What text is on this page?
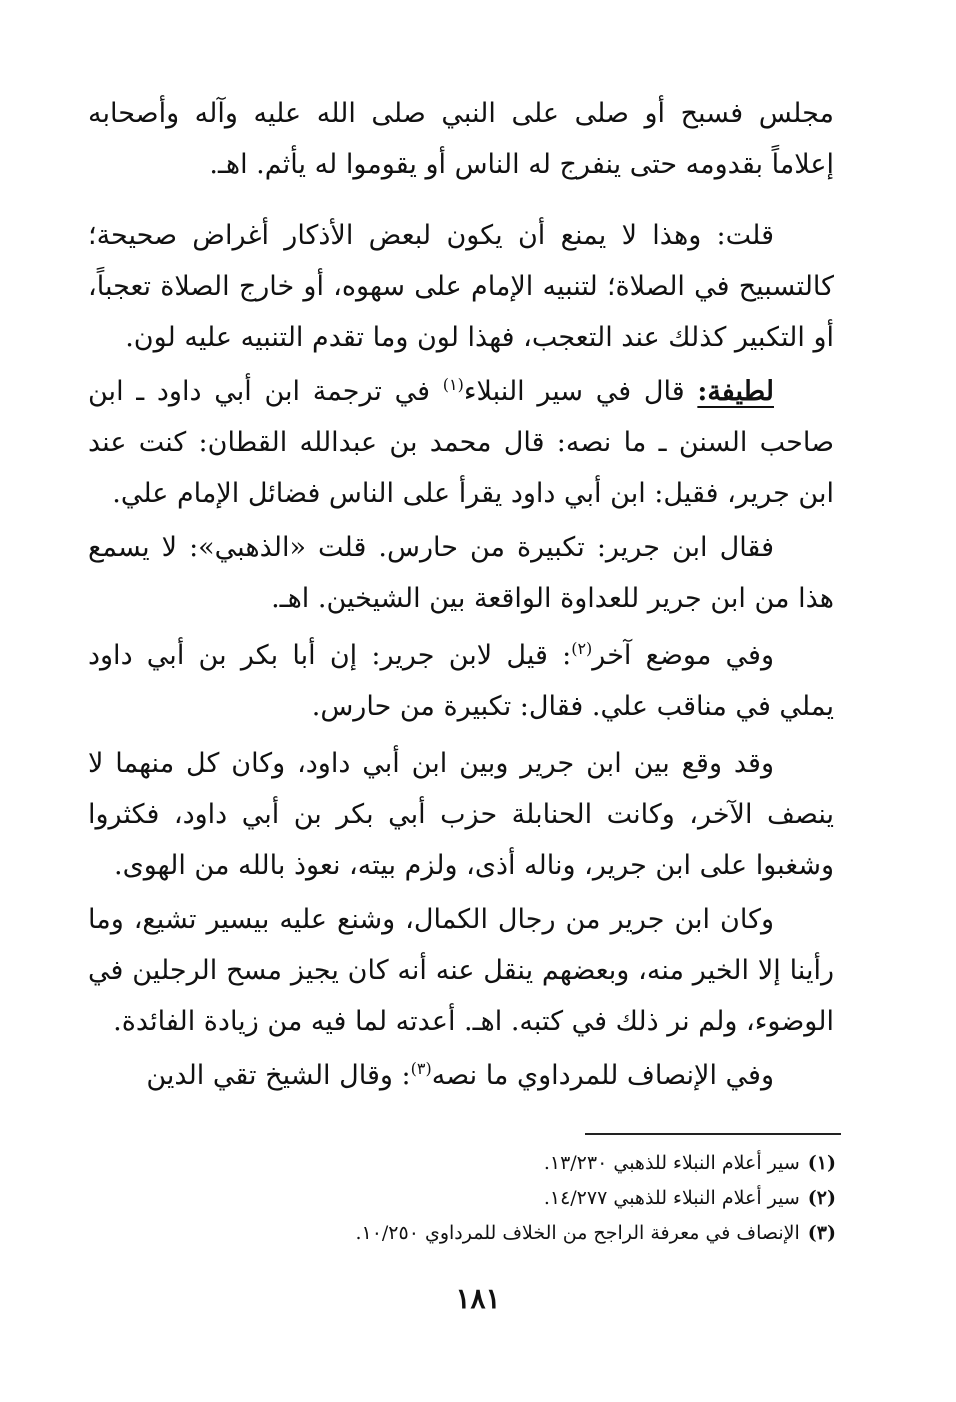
مجلس فسبح أو صلى على النبي صلى الله عليه وآله وأصحابه إعلاماً بقدومه حتى ينفرج له الناس أو يقوموا له يأثم. اهـ.

قلت: وهذا لا يمنع أن يكون لبعض الأذكار أغراض صحيحة؛ كالتسبيح في الصلاة؛ لتنبيه الإمام على سهوه، أو خارج الصلاة تعجباً، أو التكبير كذلك عند التعجب، فهذا لون وما تقدم التنبيه عليه لون.

لطيفة: قال في سير النبلاء$^{(١)}$ في ترجمة ابن أبي داود ـ ابن صاحب السنن ـ ما نصه: قال محمد بن عبدالله القطان: كنت عند ابن جرير، فقيل: ابن أبي داود يقرأ على الناس فضائل الإمام علي.

فقال ابن جرير: تكبيرة من حارس. قلت «الذهبي»: لا يسمع هذا من ابن جرير للعداوة الواقعة بين الشيخين. اهـ.

وفي موضع آخر$^{(٢)}$: قيل لابن جرير: إن أبا بكر بن أبي داود يملي في مناقب علي. فقال: تكبيرة من حارس.

وقد وقع بين ابن جرير وبين ابن أبي داود، وكان كل منهما لا ينصف الآخر، وكانت الحنابلة حزب أبي بكر بن أبي داود، فكثروا وشغبوا على ابن جرير، وناله أذى، ولزم بيته، نعوذ بالله من الهوى.

وكان ابن جرير من رجال الكمال، وشنع عليه بيسير تشيع، وما رأينا إلا الخير منه، وبعضهم ينقل عنه أنه كان يجيز مسح الرجلين في الوضوء، ولم نر ذلك في كتبه. اهـ. أعدته لما فيه من زيادة الفائدة.

وفي الإنصاف للمرداوي ما نصه$^{(٣)}$: وقال الشيخ تقي الدين

(١)سير أعلام النبلاء للذهبي ١٣/٢٣٠.

(٢)سير أعلام النبلاء للذهبي ١٤/٢٧٧.

(٣)الإنصاف في معرفة الراجح من الخلاف للمرداوي ١٠/٢٥٠.

١٨١
